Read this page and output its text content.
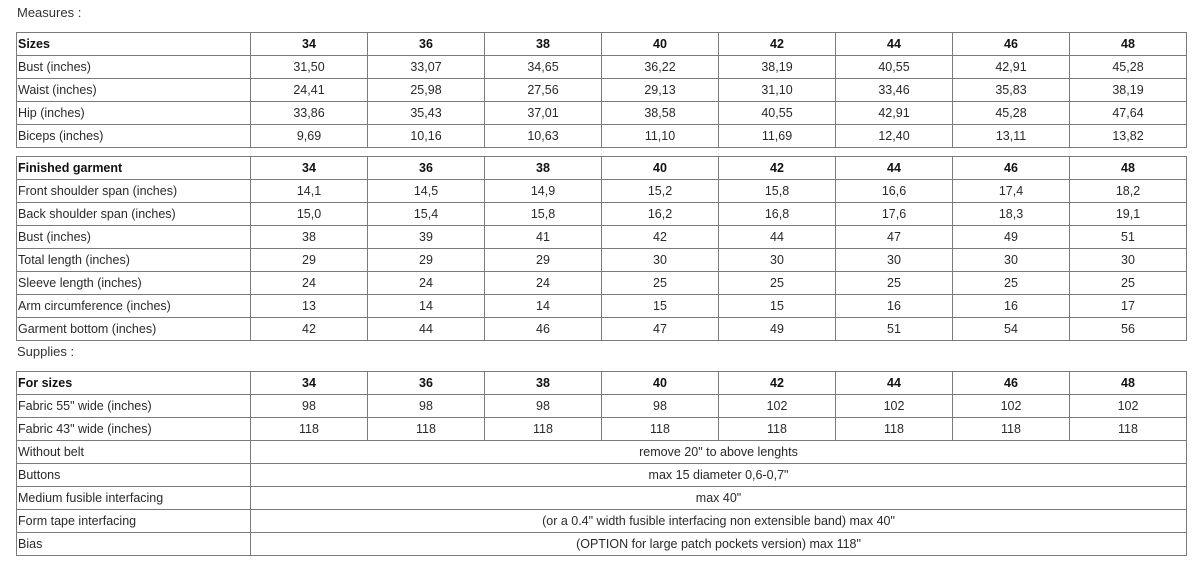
Measures :
Sizes	34	36	38	40	42	44	46	48
Bust (inches)	31,50	33,07	34,65	36,22	38,19	40,55	42,91	45,28
Waist (inches)	24,41	25,98	27,56	29,13	31,10	33,46	35,83	38,19
Hip (inches)	33,86	35,43	37,01	38,58	40,55	42,91	45,28	47,64
Biceps (inches)	9,69	10,16	10,63	11,10	11,69	12,40	13,11	13,82
Finished garment	34	36	38	40	42	44	46	48
Front shoulder span (inches)	14,1	14,5	14,9	15,2	15,8	16,6	17,4	18,2
Back shoulder span (inches)	15,0	15,4	15,8	16,2	16,8	17,6	18,3	19,1
Bust (inches)	38	39	41	42	44	47	49	51
Total length (inches)	29	29	29	30	30	30	30	30
Sleeve length (inches)	24	24	24	25	25	25	25	25
Arm circumference (inches)	13	14	14	15	15	16	16	17
Garment bottom (inches)	42	44	46	47	49	51	54	56
Supplies :
For sizes	34	36	38	40	42	44	46	48
Fabric 55" wide (inches)	98	98	98	98	102	102	102	102
Fabric 43" wide (inches)	118	118	118	118	118	118	118	118
Without belt	remove 20" to above lenghts							
Buttons	max 15 diameter 0,6-0,7"							
Medium fusible interfacing	max 40"							
Form tape interfacing	(or a 0.4" width fusible interfacing non extensible band) max 40"							
Bias	(OPTION for large patch pockets version) max 118"							
